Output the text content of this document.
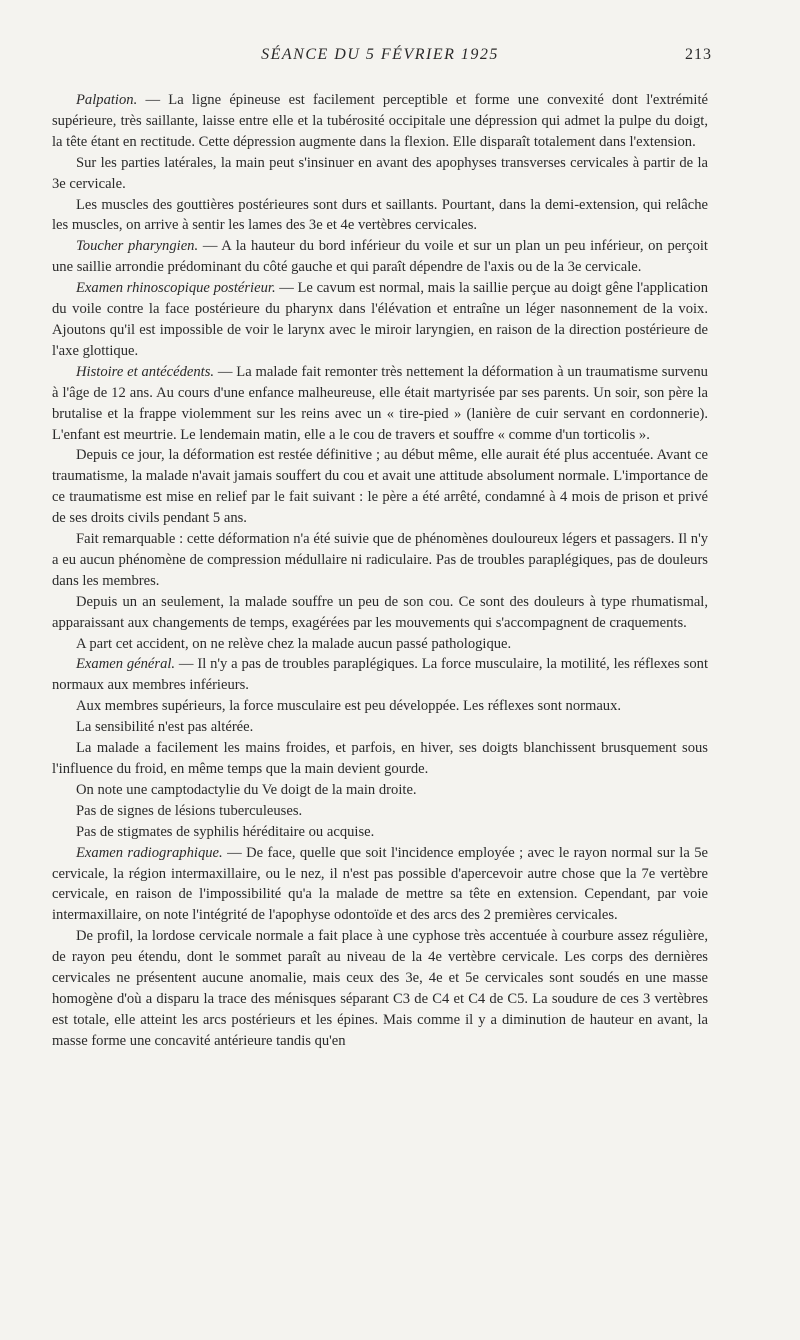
SÉANCE DU 5 FÉVRIER 1925	213

Palpation. — La ligne épineuse est facilement perceptible et forme une convexité dont l'extrémité supérieure, très saillante, laisse entre elle et la tubérosité occipitale une dépression qui admet la pulpe du doigt, la tête étant en rectitude. Cette dépression augmente dans la flexion. Elle disparaît totalement dans l'extension.

Sur les parties latérales, la main peut s'insinuer en avant des apophyses transverses cervicales à partir de la 3e cervicale.

Les muscles des gouttières postérieures sont durs et saillants. Pourtant, dans la demi-extension, qui relâche les muscles, on arrive à sentir les lames des 3e et 4e vertèbres cervicales.

Toucher pharyngien. — A la hauteur du bord inférieur du voile et sur un plan un peu inférieur, on perçoit une saillie arrondie prédominant du côté gauche et qui paraît dépendre de l'axis ou de la 3e cervicale.

Examen rhinoscopique postérieur. — Le cavum est normal, mais la saillie perçue au doigt gêne l'application du voile contre la face postérieure du pharynx dans l'élévation et entraîne un léger nasonnement de la voix. Ajoutons qu'il est impossible de voir le larynx avec le miroir laryngien, en raison de la direction postérieure de l'axe glottique.

Histoire et antécédents. — La malade fait remonter très nettement la déformation à un traumatisme survenu à l'âge de 12 ans. Au cours d'une enfance malheureuse, elle était martyrisée par ses parents. Un soir, son père la brutalise et la frappe violemment sur les reins avec un « tire-pied » (lanière de cuir servant en cordonnerie). L'enfant est meurtrie. Le lendemain matin, elle a le cou de travers et souffre « comme d'un torticolis ».

Depuis ce jour, la déformation est restée définitive ; au début même, elle aurait été plus accentuée. Avant ce traumatisme, la malade n'avait jamais souffert du cou et avait une attitude absolument normale. L'importance de ce traumatisme est mise en relief par le fait suivant : le père a été arrêté, condamné à 4 mois de prison et privé de ses droits civils pendant 5 ans.

Fait remarquable : cette déformation n'a été suivie que de phénomènes douloureux légers et passagers. Il n'y a eu aucun phénomène de compression médullaire ni radiculaire. Pas de troubles paraplégiques, pas de douleurs dans les membres.

Depuis un an seulement, la malade souffre un peu de son cou. Ce sont des douleurs à type rhumatismal, apparaissant aux changements de temps, exagérées par les mouvements qui s'accompagnent de craquements.

A part cet accident, on ne relève chez la malade aucun passé pathologique.

Examen général. — Il n'y a pas de troubles paraplégiques. La force musculaire, la motilité, les réflexes sont normaux aux membres inférieurs.

Aux membres supérieurs, la force musculaire est peu développée. Les réflexes sont normaux.

La sensibilité n'est pas altérée.

La malade a facilement les mains froides, et parfois, en hiver, ses doigts blanchissent brusquement sous l'influence du froid, en même temps que la main devient gourde.

On note une camptodactylie du Ve doigt de la main droite.

Pas de signes de lésions tuberculeuses.

Pas de stigmates de syphilis héréditaire ou acquise.

Examen radiographique. — De face, quelle que soit l'incidence employée ; avec le rayon normal sur la 5e cervicale, la région intermaxillaire, ou le nez, il n'est pas possible d'apercevoir autre chose que la 7e vertèbre cervicale, en raison de l'impossibilité qu'a la malade de mettre sa tête en extension. Cependant, par voie intermaxillaire, on note l'intégrité de l'apophyse odontoïde et des arcs des 2 premières cervicales.

De profil, la lordose cervicale normale a fait place à une cyphose très accentuée à courbure assez régulière, de rayon peu étendu, dont le sommet paraît au niveau de la 4e vertèbre cervicale. Les corps des dernières cervicales ne présentent aucune anomalie, mais ceux des 3e, 4e et 5e cervicales sont soudés en une masse homogène d'où a disparu la trace des ménisques séparant C3 de C4 et C4 de C5. La soudure de ces 3 vertèbres est totale, elle atteint les arcs postérieurs et les épines. Mais comme il y a diminution de hauteur en avant, la masse forme une concavité antérieure tandis qu'en
